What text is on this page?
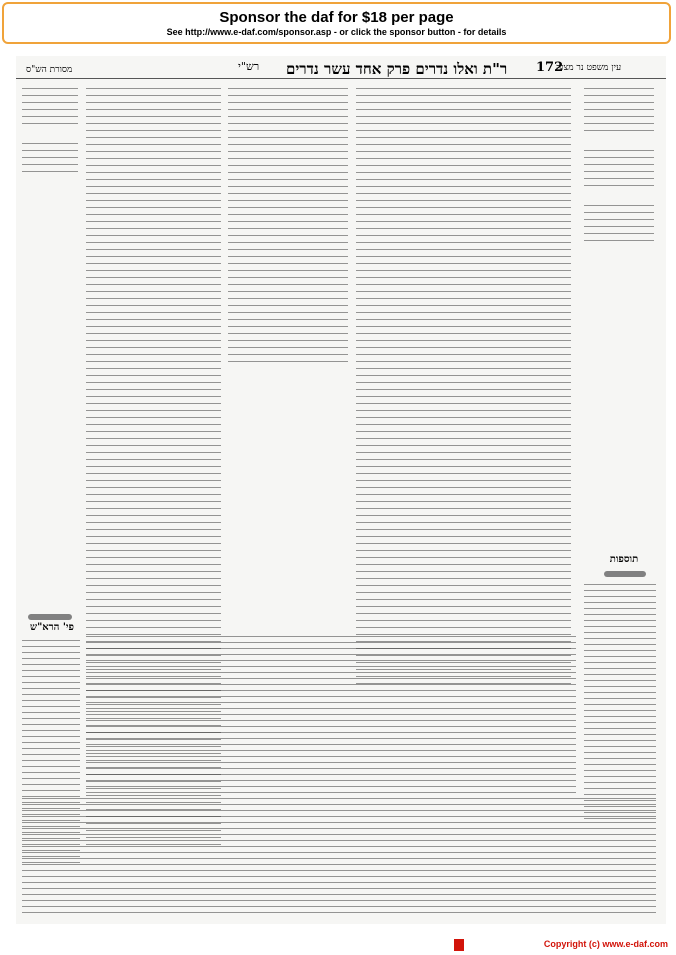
Sponsor the daf for $18 per page
See http://www.e-daf.com/sponsor.asp - or click the sponsor button - for details
172
ר"ת ואלו נדרים פרק אחד עשר נדרים	עין משפט נר מצוה
רש"י
מסורת הש"ס
תוספות
פי' הרא"ש
Copyright (c) www.e-daf.com
